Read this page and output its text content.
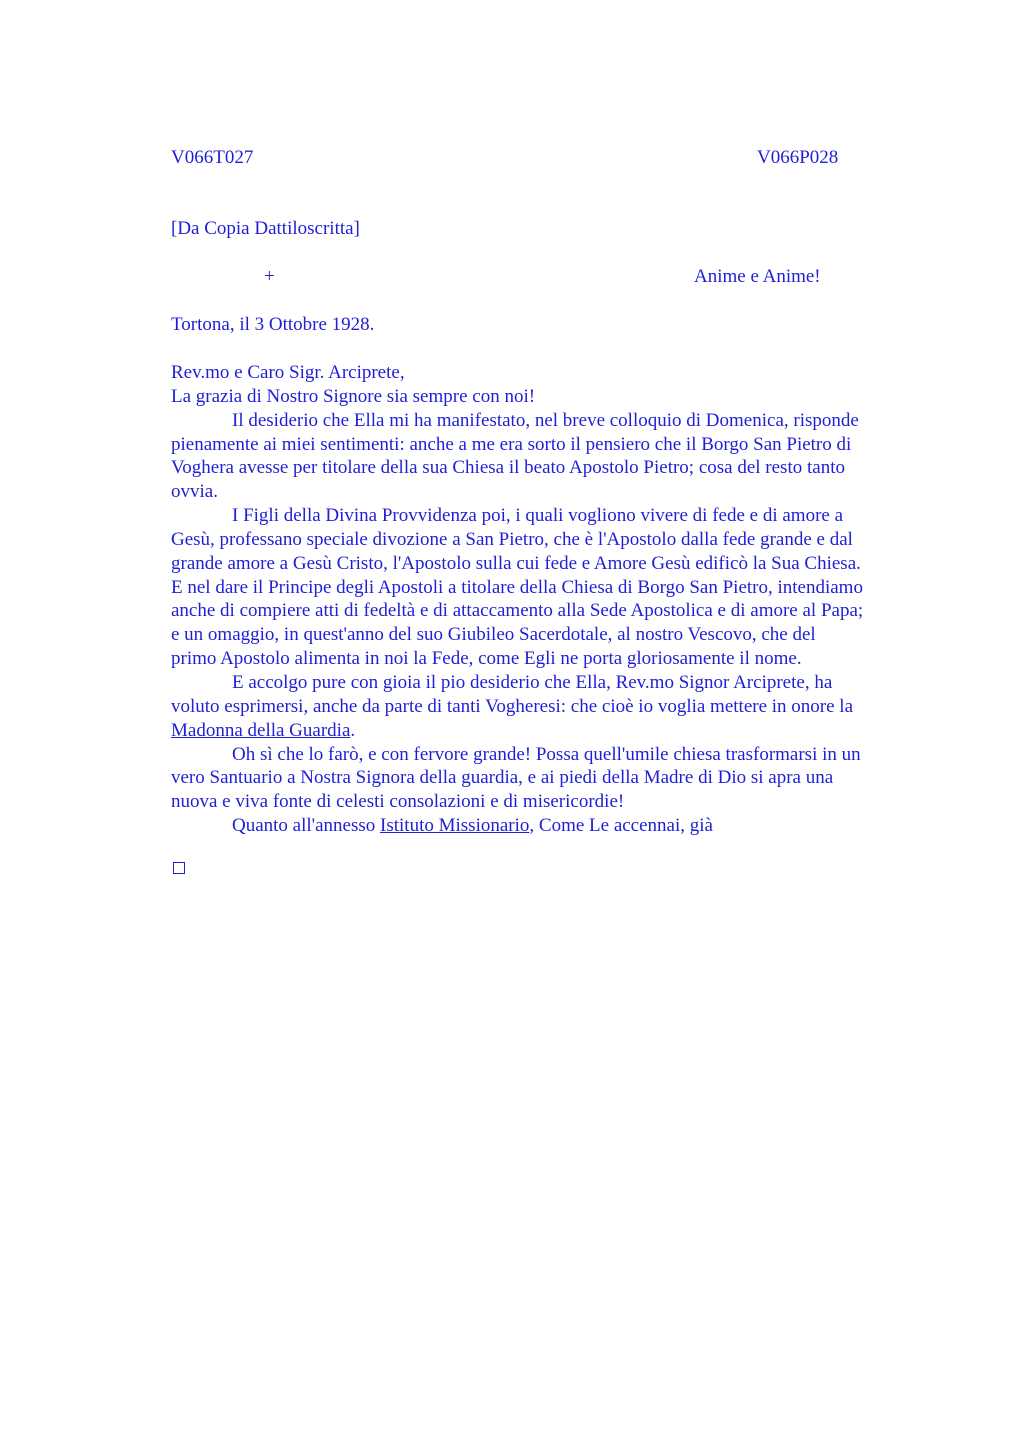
V066T027	V066P028
[Da Copia Dattiloscritta]
+	Anime e Anime!
Tortona, il 3 Ottobre 1928.
Rev.mo e Caro Sigr. Arciprete,
La grazia di Nostro Signore sia sempre con noi!
Il desiderio che Ella mi ha manifestato, nel breve colloquio di Domenica, risponde
pienamente ai miei sentimenti: anche a me era sorto il pensiero che il Borgo San Pietro di
Voghera avesse per titolare della sua Chiesa il beato Apostolo Pietro; cosa del resto tanto
ovvia.
I Figli della Divina Provvidenza poi, i quali vogliono vivere di fede e di amore a
Gesù, professano speciale divozione a San Pietro, che è l'Apostolo dalla fede grande e dal
grande amore a Gesù Cristo, l'Apostolo sulla cui fede e Amore Gesù edificò la Sua Chiesa.
E nel dare il Principe degli Apostoli a titolare della Chiesa di Borgo San Pietro, intendiamo
anche di compiere atti di fedeltà e di attaccamento alla Sede Apostolica e di amore al Papa;
e un omaggio, in quest'anno del suo Giubileo Sacerdotale, al nostro Vescovo, che del
primo Apostolo alimenta in noi la Fede, come Egli ne porta gloriosamente il nome.
E accolgo pure con gioia il pio desiderio che Ella, Rev.mo Signor Arciprete, ha
voluto esprimersi, anche da parte di tanti Vogheresi: che cioè io voglia mettere in onore la
Madonna della Guardia.
Oh sì che lo farò, e con fervore grande! Possa quell'umile chiesa trasformarsi in un
vero Santuario a Nostra Signora della guardia, e ai piedi della Madre di Dio si apra una
nuova e viva fonte di celesti consolazioni e di misericordie!
Quanto all'annesso Istituto Missionario, Come Le accennai, già
